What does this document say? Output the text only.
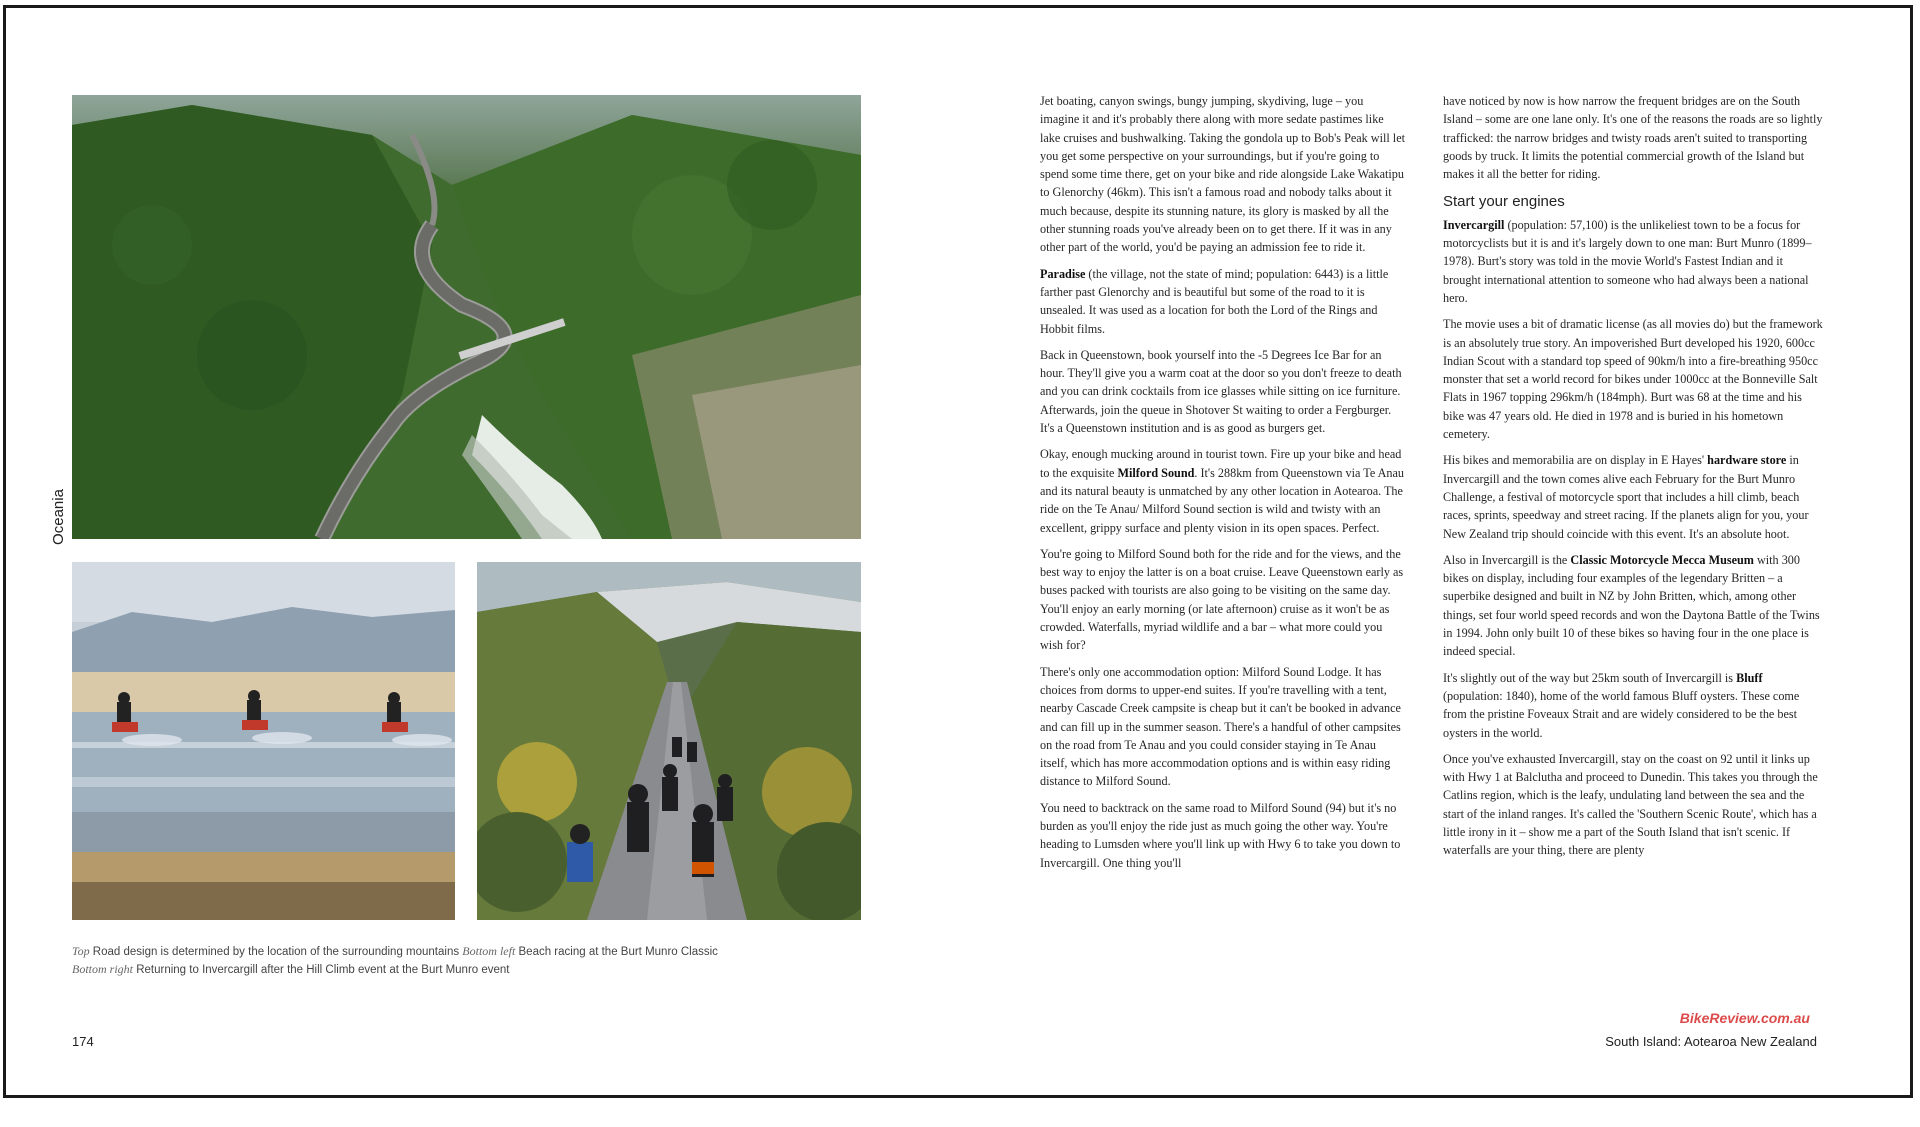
Oceania
Top Road design is determined by the location of the surrounding mountains Bottom left Beach racing at the Burt Munro Classic
Bottom right Returning to Invercargill after the Hill Climb event at the Burt Munro event
174	South Island: Aotearoa New Zealand
BikeReview.com.au

Jet boating, canyon swings, bungy jumping, skydiving, luge – you imagine it and it's probably there along with more sedate pastimes like lake cruises and bushwalking. Taking the gondola up to Bob's Peak will let you get some perspective on your surroundings, but if you're going to spend some time there, get on your bike and ride alongside Lake Wakatipu to Glenorchy (46km). This isn't a famous road and nobody talks about it much because, despite its stunning nature, its glory is masked by all the other stunning roads you've already been on to get there. If it was in any other part of the world, you'd be paying an admission fee to ride it.

Paradise (the village, not the state of mind; population: 6443) is a little farther past Glenorchy and is beautiful but some of the road to it is unsealed. It was used as a location for both the Lord of the Rings and Hobbit films.

Back in Queenstown, book yourself into the -5 Degrees Ice Bar for an hour. They'll give you a warm coat at the door so you don't freeze to death and you can drink cocktails from ice glasses while sitting on ice furniture. Afterwards, join the queue in Shotover St waiting to order a Fergburger. It's a Queenstown institution and is as good as burgers get.

Okay, enough mucking around in tourist town. Fire up your bike and head to the exquisite Milford Sound. It's 288km from Queenstown via Te Anau and its natural beauty is unmatched by any other location in Aotearoa. The ride on the Te Anau/ Milford Sound section is wild and twisty with an excellent, grippy surface and plenty vision in its open spaces. Perfect.

You're going to Milford Sound both for the ride and for the views, and the best way to enjoy the latter is on a boat cruise. Leave Queenstown early as buses packed with tourists are also going to be visiting on the same day. You'll enjoy an early morning (or late afternoon) cruise as it won't be as crowded. Waterfalls, myriad wildlife and a bar – what more could you wish for?

There's only one accommodation option: Milford Sound Lodge. It has choices from dorms to upper-end suites. If you're travelling with a tent, nearby Cascade Creek campsite is cheap but it can't be booked in advance and can fill up in the summer season. There's a handful of other campsites on the road from Te Anau and you could consider staying in Te Anau itself, which has more accommodation options and is within easy riding distance to Milford Sound.

You need to backtrack on the same road to Milford Sound (94) but it's no burden as you'll enjoy the ride just as much going the other way. You're heading to Lumsden where you'll link up with Hwy 6 to take you down to Invercargill. One thing you'll

have noticed by now is how narrow the frequent bridges are on the South Island – some are one lane only. It's one of the reasons the roads are so lightly trafficked: the narrow bridges and twisty roads aren't suited to transporting goods by truck. It limits the potential commercial growth of the Island but makes it all the better for riding.

Start your engines

Invercargill (population: 57,100) is the unlikeliest town to be a focus for motorcyclists but it is and it's largely down to one man: Burt Munro (1899–1978). Burt's story was told in the movie World's Fastest Indian and it brought international attention to someone who had always been a national hero.

The movie uses a bit of dramatic license (as all movies do) but the framework is an absolutely true story. An impoverished Burt developed his 1920, 600cc Indian Scout with a standard top speed of 90km/h into a fire-breathing 950cc monster that set a world record for bikes under 1000cc at the Bonneville Salt Flats in 1967 topping 296km/h (184mph). Burt was 68 at the time and his bike was 47 years old. He died in 1978 and is buried in his hometown cemetery.

His bikes and memorabilia are on display in E Hayes' hardware store in Invercargill and the town comes alive each February for the Burt Munro Challenge, a festival of motorcycle sport that includes a hill climb, beach races, sprints, speedway and street racing. If the planets align for you, your New Zealand trip should coincide with this event. It's an absolute hoot.

Also in Invercargill is the Classic Motorcycle Mecca Museum with 300 bikes on display, including four examples of the legendary Britten – a superbike designed and built in NZ by John Britten, which, among other things, set four world speed records and won the Daytona Battle of the Twins in 1994. John only built 10 of these bikes so having four in the one place is indeed special.

It's slightly out of the way but 25km south of Invercargill is Bluff (population: 1840), home of the world famous Bluff oysters. These come from the pristine Foveaux Strait and are widely considered to be the best oysters in the world.

Once you've exhausted Invercargill, stay on the coast on 92 until it links up with Hwy 1 at Balclutha and proceed to Dunedin. This takes you through the Catlins region, which is the leafy, undulating land between the sea and the start of the inland ranges. It's called the 'Southern Scenic Route', which has a little irony in it – show me a part of the South Island that isn't scenic. If waterfalls are your thing, there are plenty
